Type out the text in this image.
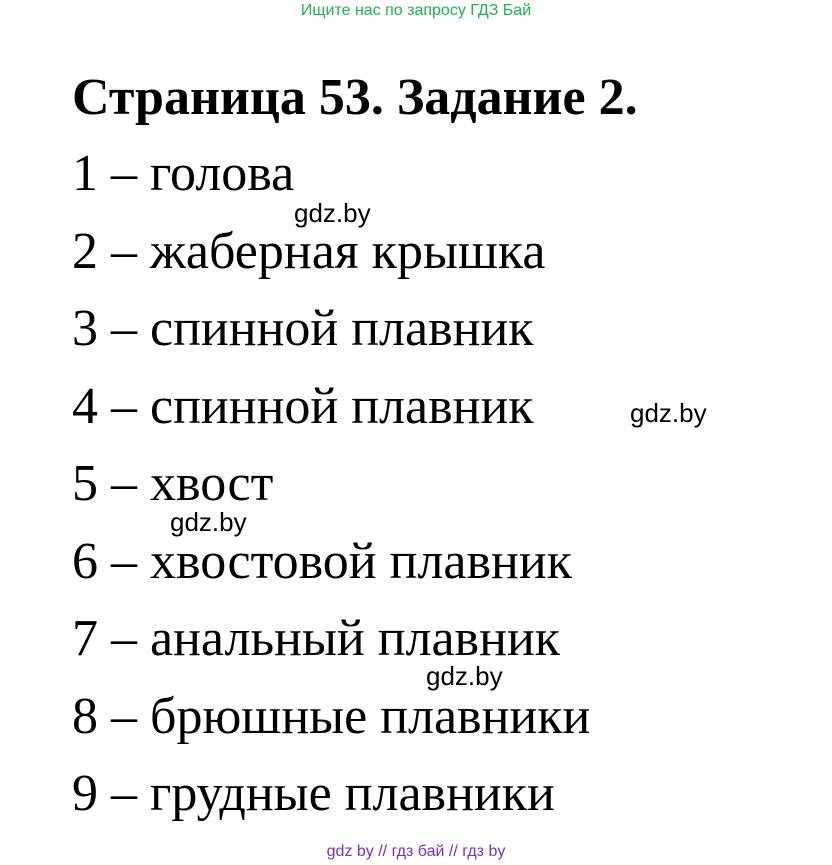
Ищите нас по запросу ГДЗ Бай
Страница 53. Задание 2.
1 – голова
2 – жаберная крышка
3 – спинной плавник
4 – спинной плавник
5 – хвост
6 – хвостовой плавник
7 – анальный плавник
8 – брюшные плавники
9 – грудные плавники
gdz.by
gdz.by
gdz.by
gdz.by
gdz by // гдз бай // гдз by
